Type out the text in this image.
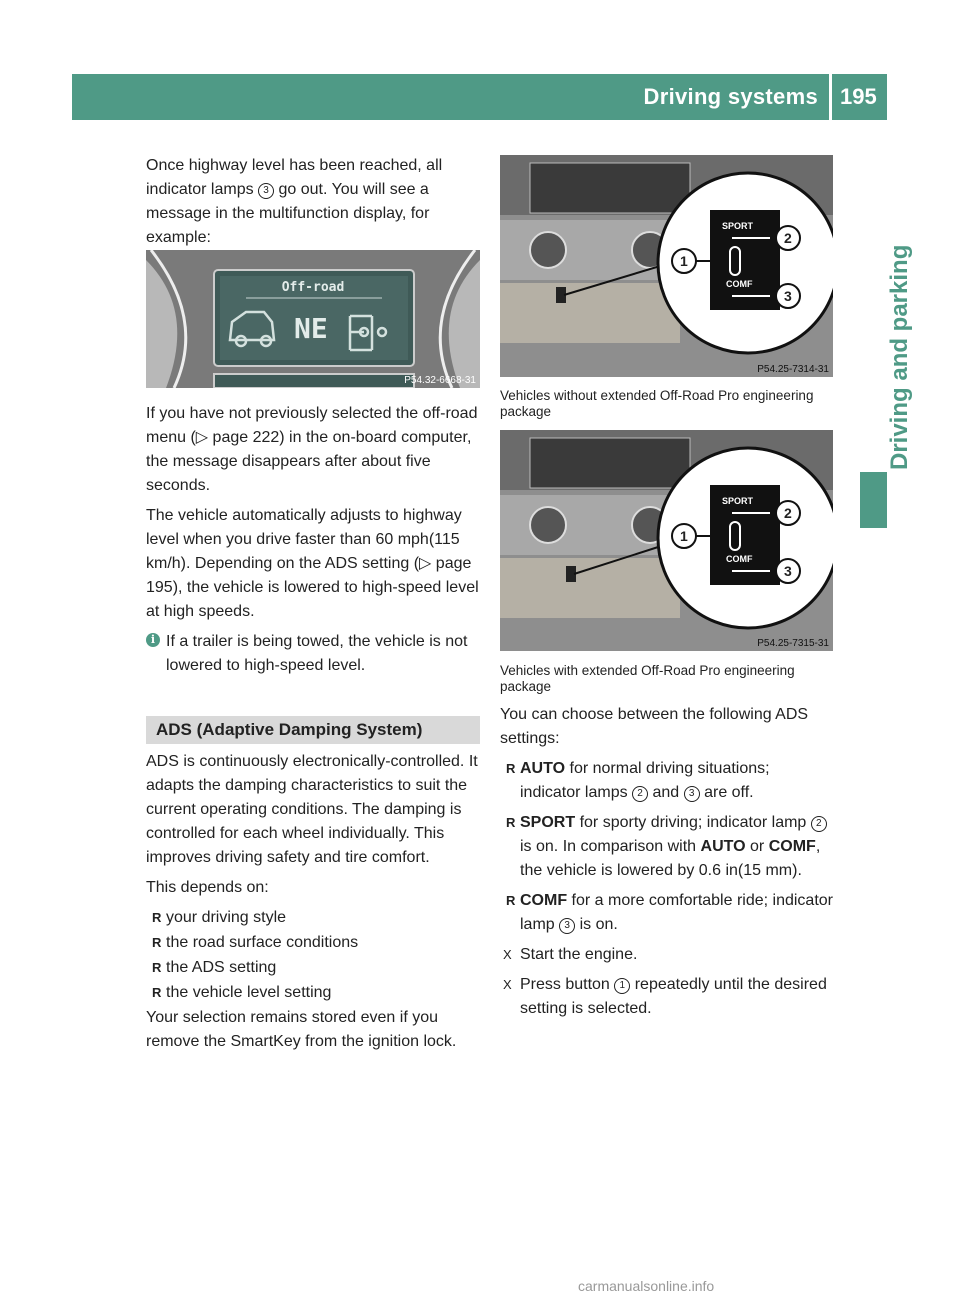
Driving systems 195
Driving and parking

Once highway level has been reached, all indicator lamps 3 go out. You will see a message in the multifunction display, for example:

Off-road
NE
P54.32-6668-31

If you have not previously selected the off-road menu (▷ page 222) in the on-board computer, the message disappears after about five seconds.

The vehicle automatically adjusts to highway level when you drive faster than 60 mph(115 km/h). Depending on the ADS setting (▷ page 195), the vehicle is lowered to high-speed level at high speeds.

i If a trailer is being towed, the vehicle is not lowered to high-speed level.

ADS (Adaptive Damping System)

ADS is continuously electronically-controlled. It adapts the damping characteristics to suit the current operating conditions. The damping is controlled for each wheel individually. This improves driving safety and tire comfort.

This depends on:

R your driving style

R the road surface conditions

R the ADS setting

R the vehicle level setting

Your selection remains stored even if you remove the SmartKey from the ignition lock.

SPORT
COMF
1
2
3
P54.25-7314-31
Vehicles without extended Off-Road Pro engineering package
SPORT
COMF
1
2
3
P54.25-7315-31

Vehicles with extended Off-Road Pro engineering package

You can choose between the following ADS settings:

R AUTO for normal driving situations; indicator lamps 2 and 3 are off.

R SPORT for sporty driving; indicator lamp 2 is on. In comparison with AUTO or COMF, the vehicle is lowered by 0.6 in(15 mm).

R COMF for a more comfortable ride; indicator lamp 3 is on.

X Start the engine.

X Press button 1 repeatedly until the desired setting is selected.

carmanualsonline.info
